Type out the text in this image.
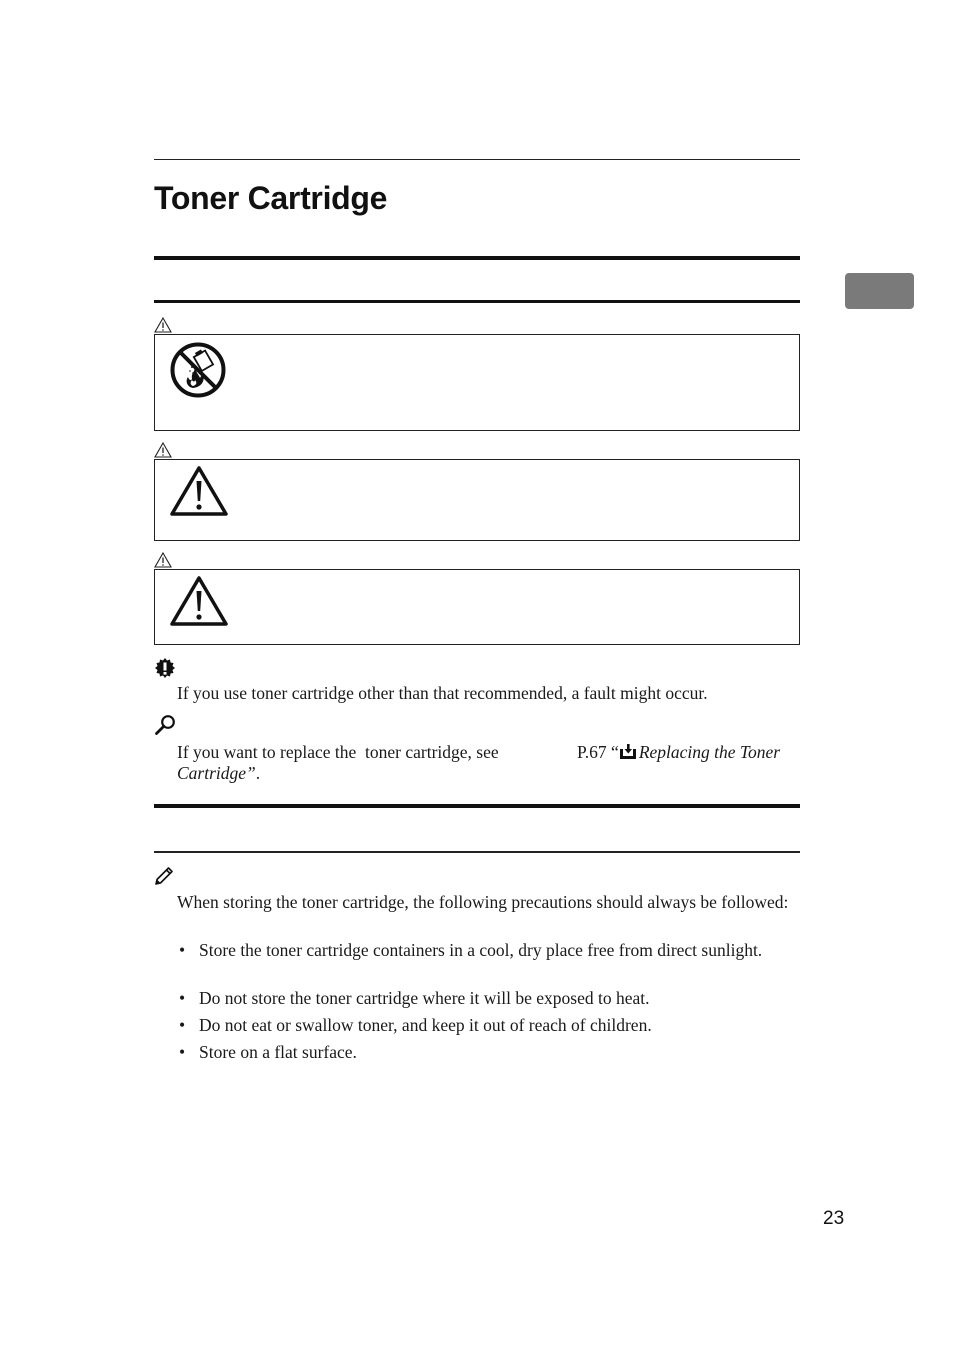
Toner Cartridge
If you use toner cartridge other than that recommended, a fault might occur.
If you want to replace the  toner cartridge, see	P.67 “ Replacing the Toner
Cartridge”.
When storing the toner cartridge, the following precautions should always be followed:
• Store the toner cartridge containers in a cool, dry place free from direct sunlight.
• Do not store the toner cartridge where it will be exposed to heat.
• Do not eat or swallow toner, and keep it out of reach of children.
• Store on a flat surface.
23
